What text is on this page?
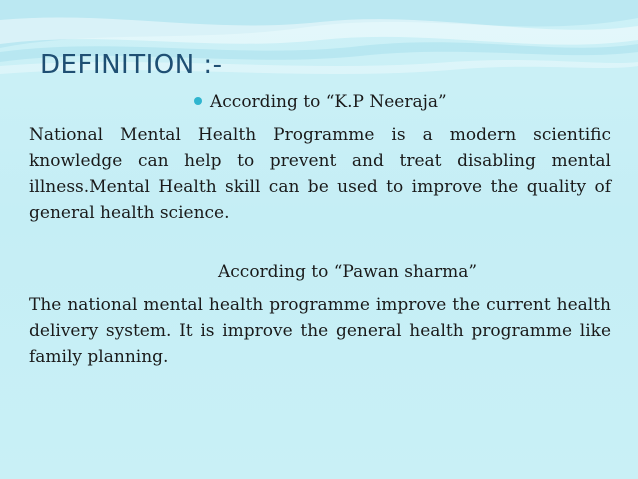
DEFINITION :-
According to “K.P Neeraja”

National Mental Health Programme is a modern scientific knowledge can help to prevent and treat disabling mental illness.Mental Health skill can be used to improve the quality of general health science.

According to “Pawan sharma”

The national mental health programme improve the current health delivery system. It is improve the general health programme like family planning.
